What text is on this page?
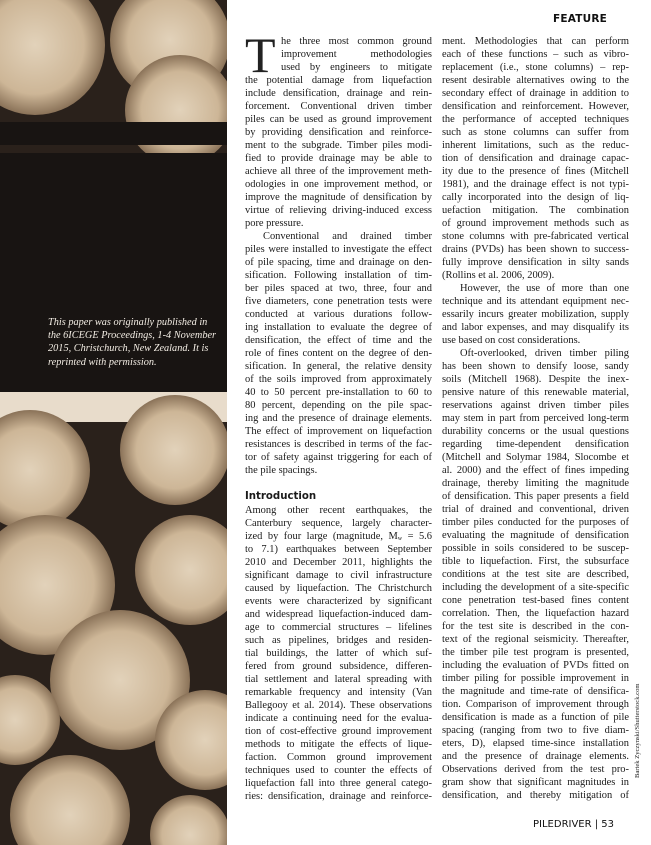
This paper was originally published in the 6ICEGE Proceedings, 1-4 November 2015, Christchurch, New Zealand. It is reprinted with permission.
FEATURE
T he three most common ground
improvement methodologies
used by engineers to mitigate
the potential damage from liquefaction
include densification, drainage and rein-
forcement. Conventional driven timber
piles can be used as ground improvement
by providing densification and reinforce-
ment to the subgrade. Timber piles modi-
fied to provide drainage may be able to
achieve all three of the improvement meth-
odologies in one improvement method, or
improve the magnitude of densification by
virtue of relieving driving-induced excess
pore pressure.
Conventional and drained timber
piles were installed to investigate the effect
of pile spacing, time and drainage on den-
sification. Following installation of tim-
ber piles spaced at two, three, four and
five diameters, cone penetration tests were
conducted at various durations follow-
ing installation to evaluate the degree of
densification, the effect of time and the
role of fines content on the degree of den-
sification. In general, the relative density
of the soils improved from approximately
40 to 50 percent pre-installation to 60 to
80 percent, depending on the pile spac-
ing and the presence of drainage elements.
The effect of improvement on liquefaction
resistances is described in terms of the fac-
tor of safety against triggering for each of
the pile spacings.
Introduction
Among other recent earthquakes, the
Canterbury sequence, largely character-
ized by four large (magnitude, $M_w = 5.6$
to 7.1) earthquakes between September
2010 and December 2011, highlights the
significant damage to civil infrastructure
caused by liquefaction. The Christchurch
events were characterized by significant
and widespread liquefaction-induced dam-
age to commercial structures – lifelines
such as pipelines, bridges and residen-
tial buildings, the latter of which suf-
fered from ground subsidence, differen-
tial settlement and lateral spreading with
remarkable frequency and intensity (Van
Ballegooy et al. 2014). These observations
indicate a continuing need for the evalua-
tion of cost-effective ground improvement
methods to mitigate the effects of lique-
faction. Common ground improvement
techniques used to counter the effects of
liquefaction fall into three general catego-
ries: densification, drainage and reinforce-
ment. Methodologies that can perform
each of these functions – such as vibro-
replacement (i.e., stone columns) – rep-
resent desirable alternatives owing to the
secondary effect of drainage in addition to
densification and reinforcement. However,
the performance of accepted techniques
such as stone columns can suffer from
inherent limitations, such as the reduc-
tion of densification and drainage capac-
ity due to the presence of fines (Mitchell
1981), and the drainage effect is not typi-
cally incorporated into the design of liq-
uefaction mitigation. The combination
of ground improvement methods such as
stone columns with pre-fabricated vertical
drains (PVDs) has been shown to success-
fully improve densification in silty sands
(Rollins et al. 2006, 2009).
However, the use of more than one
technique and its attendant equipment nec-
essarily incurs greater mobilization, supply
and labor expenses, and may disqualify its
use based on cost considerations.
Oft-overlooked, driven timber piling
has been shown to densify loose, sandy
soils (Mitchell 1968). Despite the inex-
pensive nature of this renewable material,
reservations against driven timber piles
may stem in part from perceived long-term
durability concerns or the usual questions
regarding time-dependent densification
(Mitchell and Solymar 1984, Slocombe et
al. 2000) and the effect of fines impeding
drainage, thereby limiting the magnitude
of densification. This paper presents a field
trial of drained and conventional, driven
timber piles conducted for the purposes of
evaluating the magnitude of densification
possible in soils considered to be suscep-
tible to liquefaction. First, the subsurface
conditions at the test site are described,
including the development of a site-specific
cone penetration test-based fines content
correlation. Then, the liquefaction hazard
for the test site is described in the con-
text of the regional seismicity. Thereafter,
the timber pile test program is presented,
including the evaluation of PVDs fitted on
timber piling for possible improvement in
the magnitude and time-rate of densifica-
tion. Comparison of improvement through
densification is made as a function of pile
spacing (ranging from two to five diam-
eters, D), elapsed time-since installation
and the presence of drainage elements.
Observations derived from the test pro-
gram show that significant magnitudes in
densification, and thereby mitigation of
Bartek Zyczynski/Shutterstock.com
PILEDRIVER | 53
